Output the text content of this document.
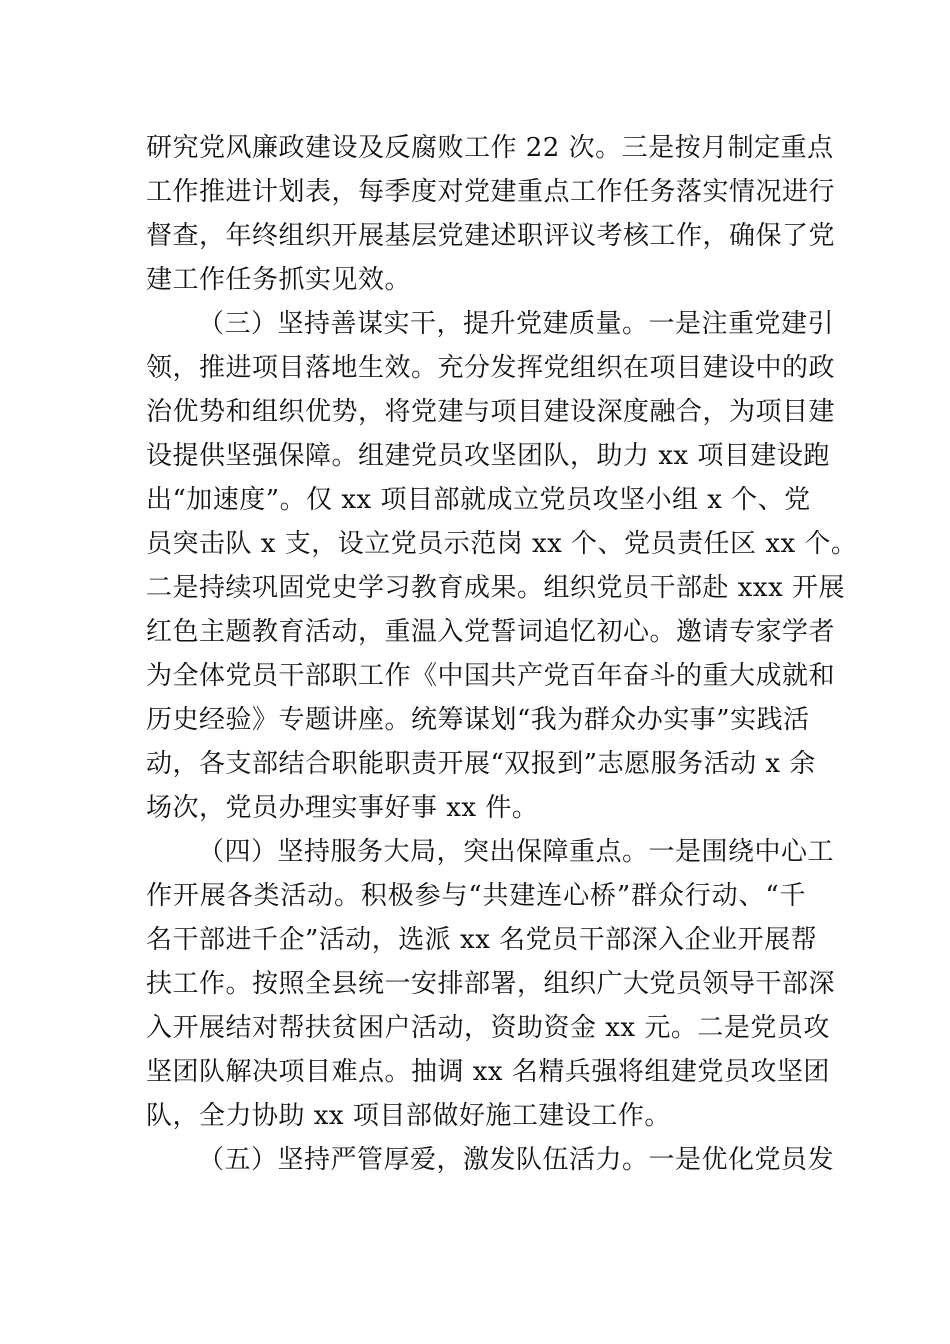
研究党风廉政建设及反腐败工作 22 次。三是按月制定重点
工作推进计划表，每季度对党建重点工作任务落实情况进行
督查，年终组织开展基层党建述职评议考核工作，确保了党
建工作任务抓实见效。
（三）坚持善谋实干，提升党建质量。一是注重党建引
领，推进项目落地生效。充分发挥党组织在项目建设中的政
治优势和组织优势，将党建与项目建设深度融合，为项目建
设提供坚强保障。组建党员攻坚团队，助力 xx 项目建设跑
出“加速度”。仅 xx 项目部就成立党员攻坚小组 x 个、党
员突击队 x 支，设立党员示范岗 xx 个、党员责任区 xx 个。
二是持续巩固党史学习教育成果。组织党员干部赴 xxx 开展
红色主题教育活动，重温入党誓词追忆初心。邀请专家学者
为全体党员干部职工作《中国共产党百年奋斗的重大成就和
历史经验》专题讲座。统筹谋划“我为群众办实事”实践活
动，各支部结合职能职责开展“双报到”志愿服务活动 x 余
场次，党员办理实事好事 xx 件。
（四）坚持服务大局，突出保障重点。一是围绕中心工
作开展各类活动。积极参与“共建连心桥”群众行动、“千
名干部进千企”活动，选派 xx 名党员干部深入企业开展帮
扶工作。按照全县统一安排部署，组织广大党员领导干部深
入开展结对帮扶贫困户活动，资助资金 xx 元。二是党员攻
坚团队解决项目难点。抽调 xx 名精兵强将组建党员攻坚团
队，全力协助 xx 项目部做好施工建设工作。
（五）坚持严管厚爱，激发队伍活力。一是优化党员发
